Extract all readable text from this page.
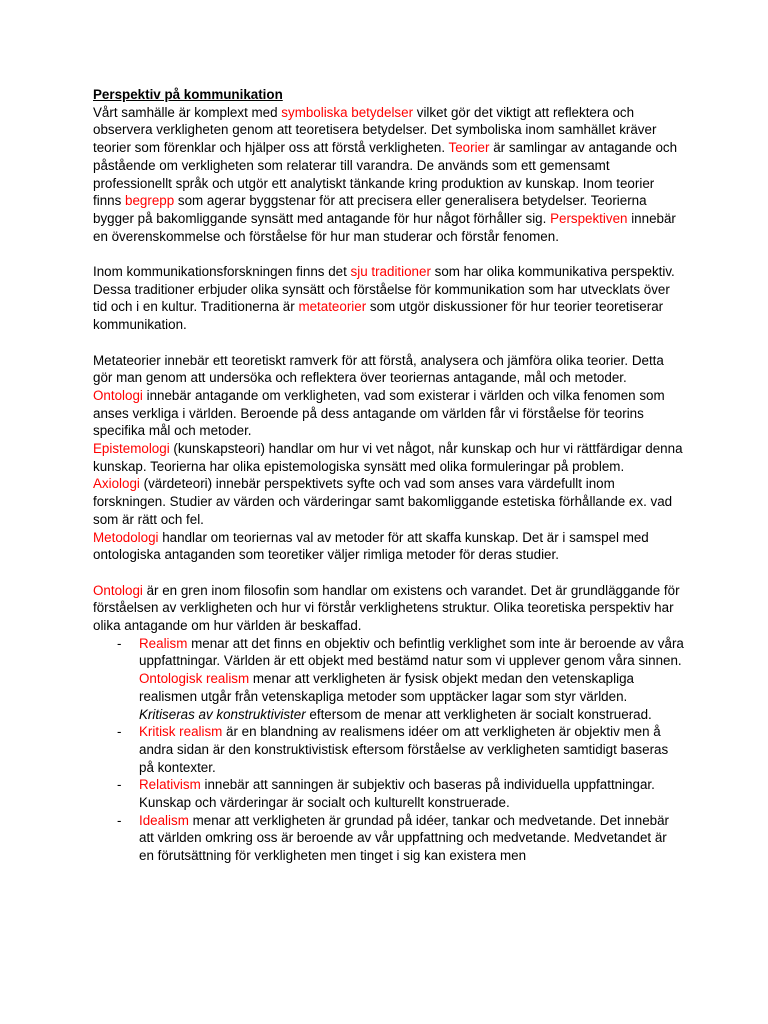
Perspektiv på kommunikation

Vårt samhälle är komplext med symboliska betydelser vilket gör det viktigt att reflektera och observera verkligheten genom att teoretisera betydelser. Det symboliska inom samhället kräver teorier som förenklar och hjälper oss att förstå verkligheten. Teorier är samlingar av antagande och påstående om verkligheten som relaterar till varandra. De används som ett gemensamt professionellt språk och utgör ett analytiskt tänkande kring produktion av kunskap. Inom teorier finns begrepp som agerar byggstenar för att precisera eller generalisera betydelser. Teorierna bygger på bakomliggande synsätt med antagande för hur något förhåller sig. Perspektiven innebär en överenskommelse och förståelse för hur man studerar och förstår fenomen.

Inom kommunikationsforskningen finns det sju traditioner som har olika kommunikativa perspektiv. Dessa traditioner erbjuder olika synsätt och förståelse för kommunikation som har utvecklats över tid och i en kultur. Traditionerna är metateorier som utgör diskussioner för hur teorier teoretiserar kommunikation.

Metateorier innebär ett teoretiskt ramverk för att förstå, analysera och jämföra olika teorier. Detta gör man genom att undersöka och reflektera över teoriernas antagande, mål och metoder.

Ontologi innebär antagande om verkligheten, vad som existerar i världen och vilka fenomen som anses verkliga i världen. Beroende på dess antagande om världen får vi förståelse för teorins specifika mål och metoder.

Epistemologi (kunskapsteori) handlar om hur vi vet något, når kunskap och hur vi rättfärdigar denna kunskap. Teorierna har olika epistemologiska synsätt med olika formuleringar på problem.

Axiologi (värdeteori) innebär perspektivets syfte och vad som anses vara värdefullt inom forskningen. Studier av värden och värderingar samt bakomliggande estetiska förhållande ex. vad som är rätt och fel.

Metodologi handlar om teoriernas val av metoder för att skaffa kunskap. Det är i samspel med ontologiska antaganden som teoretiker väljer rimliga metoder för deras studier.

Ontologi är en gren inom filosofin som handlar om existens och varandet. Det är grundläggande för förståelsen av verkligheten och hur vi förstår verklighetens struktur. Olika teoretiska perspektiv har olika antagande om hur världen är beskaffad.

- Realism menar att det finns en objektiv och befintlig verklighet som inte är beroende av våra uppfattningar. Världen är ett objekt med bestämd natur som vi upplever genom våra sinnen. Ontologisk realism menar att verkligheten är fysisk objekt medan den vetenskapliga realismen utgår från vetenskapliga metoder som upptäcker lagar som styr världen. Kritiseras av konstruktivister eftersom de menar att verkligheten är socialt konstruerad.
- Kritisk realism är en blandning av realismens idéer om att verkligheten är objektiv men å andra sidan är den konstruktivistisk eftersom förståelse av verkligheten samtidigt baseras på kontexter.
- Relativism innebär att sanningen är subjektiv och baseras på individuella uppfattningar. Kunskap och värderingar är socialt och kulturellt konstruerade.
- Idealism menar att verkligheten är grundad på idéer, tankar och medvetande. Det innebär att världen omkring oss är beroende av vår uppfattning och medvetande. Medvetandet är en förutsättning för verkligheten men tinget i sig kan existera men
